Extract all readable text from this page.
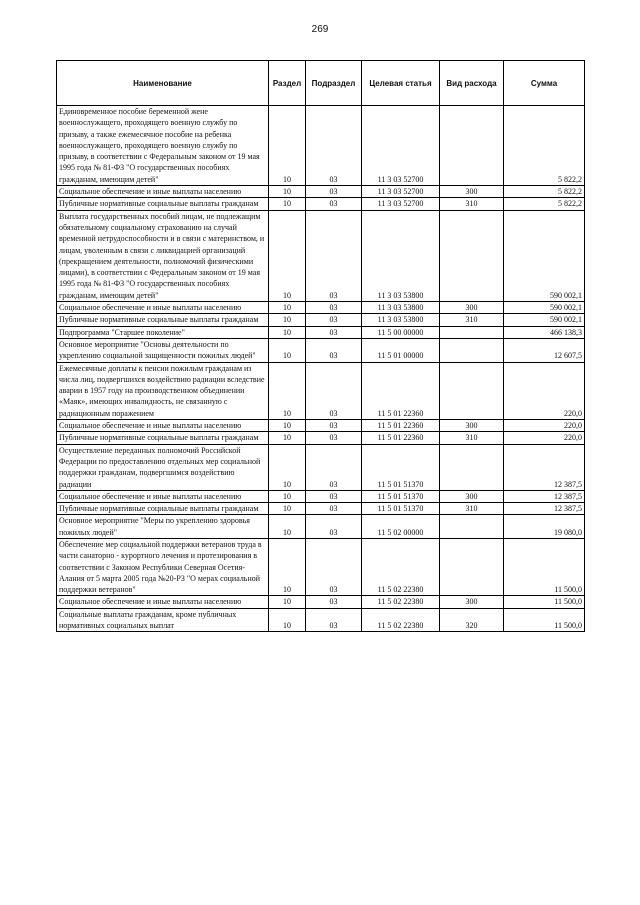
269
Наименование	Раздел	Подраздел	Целевая статья	Вид расхода	Сумма
Единовременное пособие беременной жене военнослужащего, проходящего военную службу по призыву, а также ежемесячное пособие на ребенка военнослужащего, проходящего военную службу по призыву, в соответствии с Федеральным законом от 19 мая 1995 года № 81-ФЗ "О государственных пособиях гражданам, имеющим детей"	10	03	11 3 03 52700		5 822,2
Социальное обеспечение и иные выплаты населению	10	03	11 3 03 52700	300	5 822,2
Публичные нормативные социальные выплаты гражданам	10	03	11 3 03 52700	310	5 822,2
Выплата государственных пособий лицам, не подлежащим обязательному социальному страхованию на случай временной нетрудоспособности и в связи с материнством, и лицам, уволенным в связи с ликвидацией организаций (прекращением деятельности, полномочий физическими лицами), в соответствии с Федеральным законом от 19 мая 1995 года № 81-ФЗ "О государственных пособиях гражданам, имеющим детей"	10	03	11 3 03 53800		590 002,1
Социальное обеспечение и иные выплаты населению	10	03	11 3 03 53800	300	590 002,1
Публичные нормативные социальные выплаты гражданам	10	03	11 3 03 53800	310	590 002,1
Подпрограмма "Старшее поколение"	10	03	11 5 00 00000		466 138,3
Основное мероприятие "Основы деятельности по укреплению социальной защищенности пожилых людей"	10	03	11 5 01 00000		12 607,5
Ежемесячные доплаты к пенсии пожилым гражданам из числа лиц, подвергшихся воздействию радиации вследствие аварии в 1957 году на производственном объединении «Маяк», имеющих инвалидность, не связанную с радиационным поражением	10	03	11 5 01 22360		220,0
Социальное обеспечение и иные выплаты населению	10	03	11 5 01 22360	300	220,0
Публичные нормативные социальные выплаты гражданам	10	03	11 5 01 22360	310	220,0
Осуществление переданных полномочий Российской Федерации по предоставлению отдельных мер социальной поддержки гражданам, подвергшимся воздействию радиации	10	03	11 5 01 51370		12 387,5
Социальное обеспечение и иные выплаты населению	10	03	11 5 01 51370	300	12 387,5
Публичные нормативные социальные выплаты гражданам	10	03	11 5 01 51370	310	12 387,5
Основное мероприятие "Меры по укреплению здоровья пожилых людей"	10	03	11 5 02 00000		19 080,0
Обеспечение мер социальной поддержки ветеранов труда в части санаторно - курортного лечения и протезирования в соответствии с Законом Республики Северная Осетия-Алания от 5 марта 2005 года №20-РЗ "О мерах социальной поддержки ветеранов"	10	03	11 5 02 22380		11 500,0
Социальное обеспечение и иные выплаты населению	10	03	11 5 02 22380	300	11 500,0
Социальные выплаты гражданам, кроме публичных нормативных социальных выплат	10	03	11 5 02 22380	320	11 500,0
